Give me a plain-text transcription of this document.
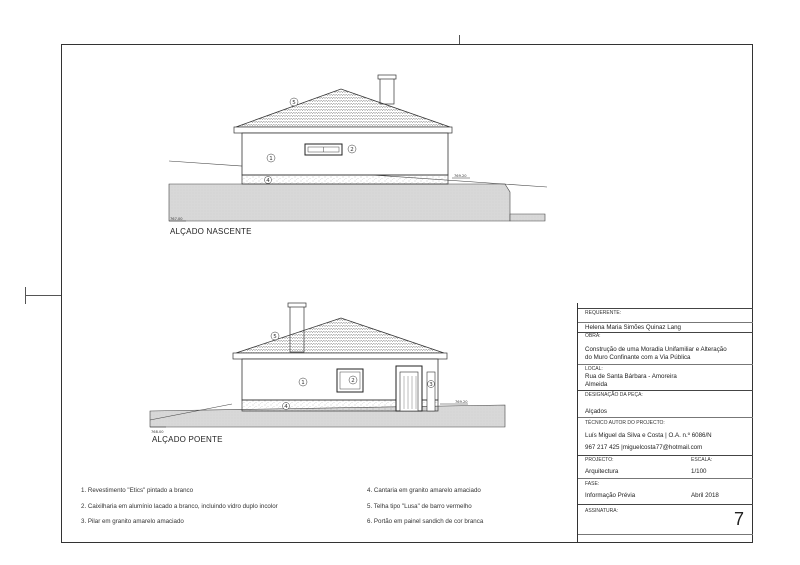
5
2
1
4
769.20
767.00
5
1	2
3
4
769.20
768.00
ALÇADO NASCENTE
ALÇADO POENTE
1. Revestimento "Etics" pintado a branco
2. Caixilharia em alumínio lacado a branco, incluindo vidro duplo incolor
3. Pilar em granito amarelo amaciado
4. Cantaria em granito amarelo amaciado
5. Telha tipo "Lusa" de barro vermelho
6. Portão em painel sandich de cor branca
REQUERENTE:
Helena Maria Simões Quinaz Lang
OBRA:
Construção de uma Moradia Unifamiliar e Alteração
do Muro Confinante com a Via Pública
LOCAL:
Rua de Santa Bárbara - Amoreira
Almeida
DESIGNAÇÃO DA PEÇA:
Alçados
TÉCNICO AUTOR DO PROJECTO:
Luís Miguel da Silva e Costa | O.A. n.º 6086/N
967 217 425 |miguelcosta77@hotmail.com
PROJECTO:	ESCALA:
Arquitectura	1/100
FASE:
Informação Prévia	Abril 2018
ASSINATURA:	7
